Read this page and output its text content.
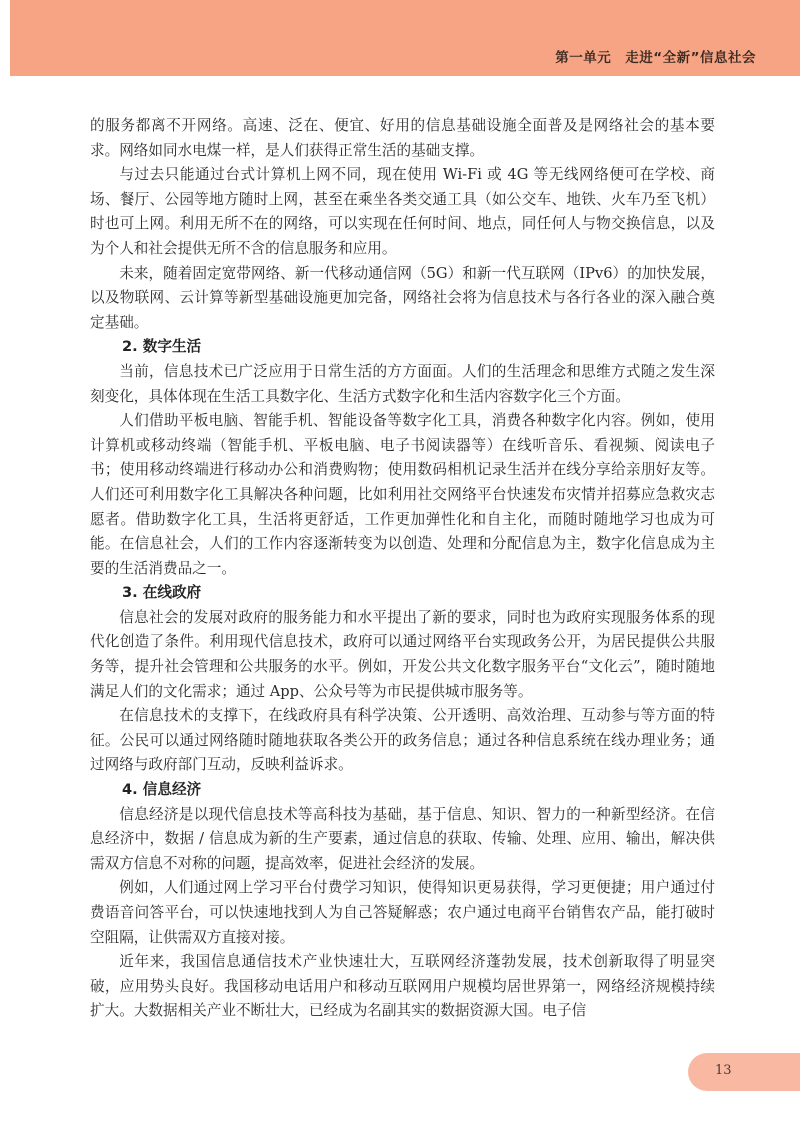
第一单元　走进“全新”信息社会

的服务都离不开网络。高速、泛在、便宜、好用的信息基础设施全面普及是网络社会的基本要求。网络如同水电煤一样，是人们获得正常生活的基础支撑。

与过去只能通过台式计算机上网不同，现在使用 Wi-Fi 或 4G 等无线网络便可在学校、商场、餐厅、公园等地方随时上网，甚至在乘坐各类交通工具（如公交车、地铁、火车乃至飞机）时也可上网。利用无所不在的网络，可以实现在任何时间、地点，同任何人与物交换信息，以及为个人和社会提供无所不含的信息服务和应用。

未来，随着固定宽带网络、新一代移动通信网（5G）和新一代互联网（IPv6）的加快发展，以及物联网、云计算等新型基础设施更加完备，网络社会将为信息技术与各行各业的深入融合奠定基础。

2. 数字生活

当前，信息技术已广泛应用于日常生活的方方面面。人们的生活理念和思维方式随之发生深刻变化，具体体现在生活工具数字化、生活方式数字化和生活内容数字化三个方面。

人们借助平板电脑、智能手机、智能设备等数字化工具，消费各种数字化内容。例如，使用计算机或移动终端（智能手机、平板电脑、电子书阅读器等）在线听音乐、看视频、阅读电子书；使用移动终端进行移动办公和消费购物；使用数码相机记录生活并在线分享给亲朋好友等。人们还可利用数字化工具解决各种问题，比如利用社交网络平台快速发布灾情并招募应急救灾志愿者。借助数字化工具，生活将更舒适，工作更加弹性化和自主化，而随时随地学习也成为可能。在信息社会，人们的工作内容逐渐转变为以创造、处理和分配信息为主，数字化信息成为主要的生活消费品之一。

3. 在线政府

信息社会的发展对政府的服务能力和水平提出了新的要求，同时也为政府实现服务体系的现代化创造了条件。利用现代信息技术，政府可以通过网络平台实现政务公开，为居民提供公共服务等，提升社会管理和公共服务的水平。例如，开发公共文化数字服务平台“文化云”，随时随地满足人们的文化需求；通过 App、公众号等为市民提供城市服务等。

在信息技术的支撑下，在线政府具有科学决策、公开透明、高效治理、互动参与等方面的特征。公民可以通过网络随时随地获取各类公开的政务信息；通过各种信息系统在线办理业务；通过网络与政府部门互动，反映利益诉求。

4. 信息经济

信息经济是以现代信息技术等高科技为基础，基于信息、知识、智力的一种新型经济。在信息经济中，数据 / 信息成为新的生产要素，通过信息的获取、传输、处理、应用、输出，解决供需双方信息不对称的问题，提高效率，促进社会经济的发展。

例如，人们通过网上学习平台付费学习知识，使得知识更易获得，学习更便捷；用户通过付费语音问答平台，可以快速地找到人为自己答疑解惑；农户通过电商平台销售农产品，能打破时空阻隔，让供需双方直接对接。

近年来，我国信息通信技术产业快速壮大，互联网经济蓬勃发展，技术创新取得了明显突破，应用势头良好。我国移动电话用户和移动互联网用户规模均居世界第一，网络经济规模持续扩大。大数据相关产业不断壮大，已经成为名副其实的数据资源大国。电子信

13
